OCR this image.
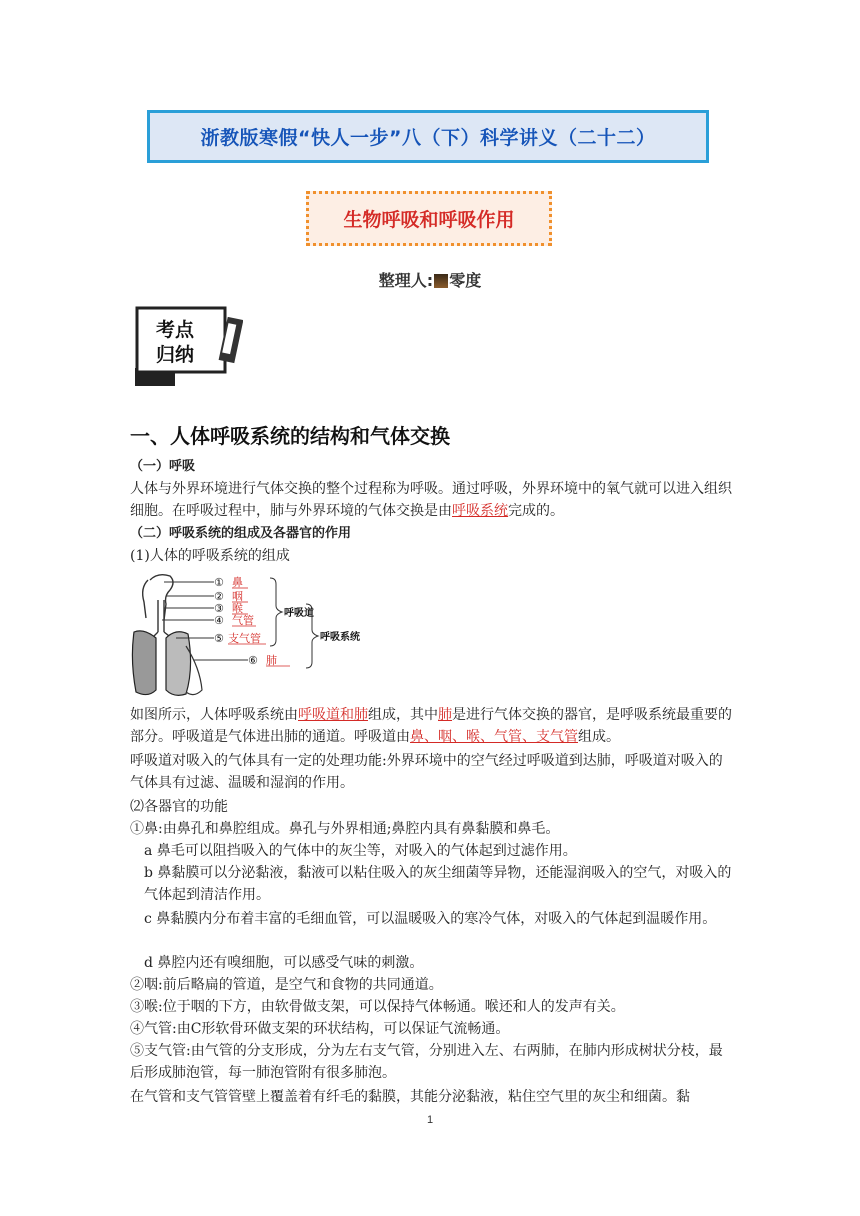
浙教版寒假“快人一步”八（下）科学讲义（二十二）
生物呼吸和呼吸作用
整理人: 零度
考点
归纳
一、人体呼吸系统的结构和气体交换
（一）呼吸
人体与外界环境进行气体交换的整个过程称为呼吸。通过呼吸，外界环境中的氧气就可以进入组织细胞。在呼吸过程中，肺与外界环境的气体交换是由呼吸系统完成的。
（二）呼吸系统的组成及各器官的作用
(1)人体的呼吸系统的组成
①
②
③
④
⑤
⑥
鼻
咽
喉
气管
支气管
肺
呼吸道
呼吸系统
如图所示，人体呼吸系统由呼吸道和肺组成，其中肺是进行气体交换的器官，是呼吸系统最重要的部分。呼吸道是气体进出肺的通道。呼吸道由鼻、咽、喉、气管、支气管组成。
呼吸道对吸入的气体具有一定的处理功能:外界环境中的空气经过呼吸道到达肺，呼吸道对吸入的气体具有过滤、温暖和湿润的作用。
⑵各器官的功能
①鼻:由鼻孔和鼻腔组成。鼻孔与外界相通;鼻腔内具有鼻黏膜和鼻毛。
a 鼻毛可以阻挡吸入的气体中的灰尘等，对吸入的气体起到过滤作用。
b 鼻黏膜可以分泌黏液，黏液可以粘住吸入的灰尘细菌等异物，还能湿润吸入的空气，对吸入的气体起到清洁作用。
c 鼻黏膜内分布着丰富的毛细血管，可以温暖吸入的寒冷气体，对吸入的气体起到温暖作用。
d 鼻腔内还有嗅细胞，可以感受气味的刺激。
②咽:前后略扁的管道，是空气和食物的共同通道。
③喉:位于咽的下方，由软骨做支架，可以保持气体畅通。喉还和人的发声有关。
④气管:由C形软骨环做支架的环状结构，可以保证气流畅通。
⑤支气管:由气管的分支形成，分为左右支气管，分别进入左、右两肺，在肺内形成树状分枝，最后形成肺泡管，每一肺泡管附有很多肺泡。
在气管和支气管管壁上覆盖着有纤毛的黏膜，其能分泌黏液，粘住空气里的灰尘和细菌。黏
1
